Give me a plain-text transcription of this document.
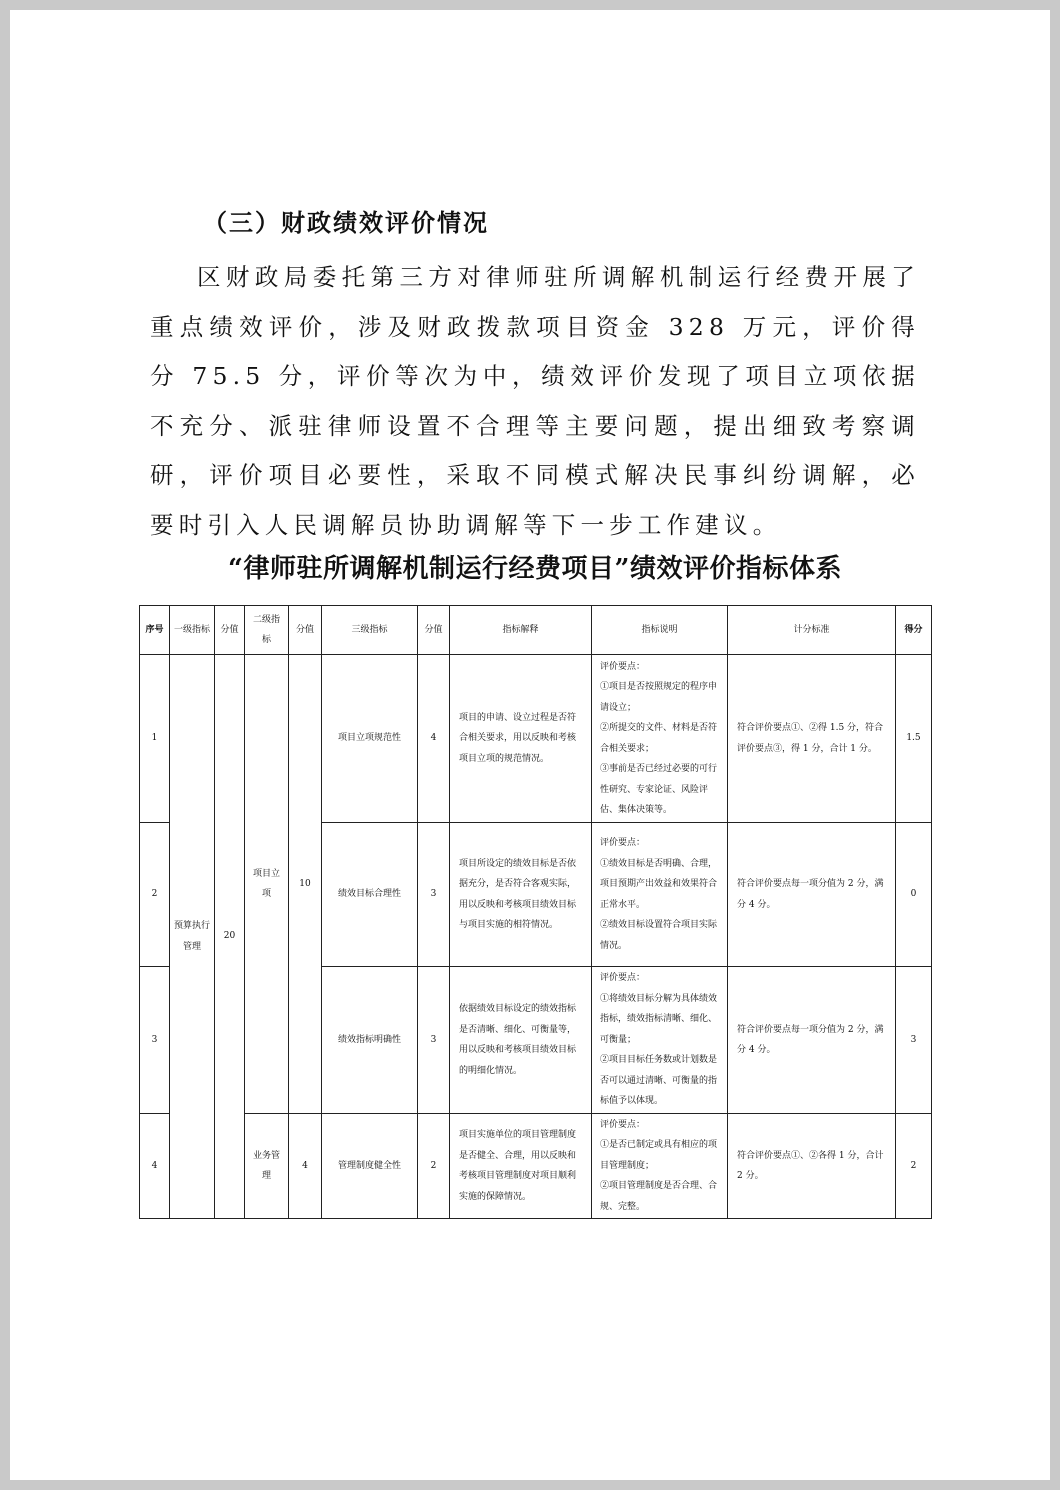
（三）财政绩效评价情况
区财政局委托第三方对律师驻所调解机制运行经费开展了重点绩效评价，涉及财政拨款项目资金 328 万元，评价得分 75.5 分，评价等次为中，绩效评价发现了项目立项依据不充分、派驻律师设置不合理等主要问题，提出细致考察调研，评价项目必要性，采取不同模式解决民事纠纷调解，必要时引入人民调解员协助调解等下一步工作建议。
“律师驻所调解机制运行经费项目”绩效评价指标体系
序号	一级指标	分值	二级指标	分值	三级指标	分值	指标解释	指标说明	计分标准	得分
1	预算执行管理	20	项目立项	10	项目立项规范性	4	项目的申请、设立过程是否符合相关要求，用以反映和考核项目立项的规范情况。	评价要点：
①项目是否按照规定的程序申请设立；
②所提交的文件、材料是否符合相关要求；
③事前是否已经过必要的可行性研究、专家论证、风险评估、集体决策等。	符合评价要点①、②得 1.5 分，符合评价要点③，得 1 分，合计 1 分。	1.5
2					绩效目标合理性	3	项目所设定的绩效目标是否依据充分，是否符合客观实际，用以反映和考核项目绩效目标与项目实施的相符情况。	评价要点：
①绩效目标是否明确、合理，项目预期产出效益和效果符合正常水平。
②绩效目标设置符合项目实际情况。	符合评价要点每一项分值为 2 分，满分 4 分。	0
3					绩效指标明确性	3	依据绩效目标设定的绩效指标是否清晰、细化、可衡量等，用以反映和考核项目绩效目标的明细化情况。	评价要点：
①将绩效目标分解为具体绩效指标，绩效指标清晰、细化、可衡量；
②项目目标任务数或计划数是否可以通过清晰、可衡量的指标值予以体现。	符合评价要点每一项分值为 2 分，满分 4 分。	3
4			业务管理	4	管理制度健全性	2	项目实施单位的项目管理制度是否健全、合理，用以反映和考核项目管理制度对项目顺利实施的保障情况。	评价要点：
①是否已制定或具有相应的项目管理制度；
②项目管理制度是否合理、合规、完整。	符合评价要点①、②各得 1 分，合计 2 分。	2
